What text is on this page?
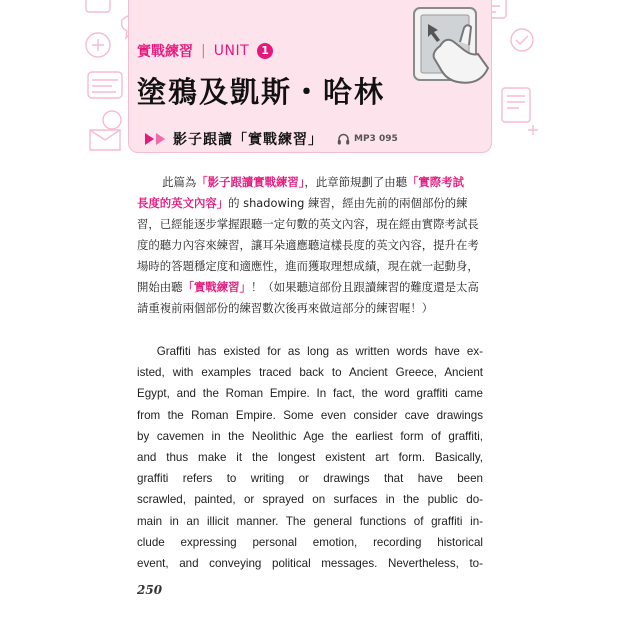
實戰練習 | UNIT	1
塗鴉及凱斯・哈林
影子跟讀「實戰練習」	MP3 095
此篇為「影子跟讀實戰練習」，此章節規劃了由聽「實際考試
長度的英文內容」的 shadowing 練習，經由先前的兩個部份的練
習，已經能逐步掌握跟聽一定句數的英文內容，現在經由實際考試長
度的聽力內容來練習，讓耳朵適應聽這樣長度的英文內容，提升在考
場時的答題穩定度和適應性，進而獲取理想成績，現在就一起動身，
開始由聽「實戰練習」！（如果聽這部份且跟讀練習的難度還是太高
請重複前兩個部份的練習數次後再來做這部分的練習喔！）
Graffiti has existed for as long as written words have ex-
isted, with examples traced back to Ancient Greece, Ancient
Egypt, and the Roman Empire. In fact, the word graffiti came
from the Roman Empire. Some even consider cave drawings
by cavemen in the Neolithic Age the earliest form of graffiti,
and thus make it the longest existent art form. Basically,
graffiti refers to writing or drawings that have been
scrawled, painted, or sprayed on surfaces in the public do-
main in an illicit manner. The general functions of graffiti in-
clude expressing personal emotion, recording historical
event, and conveying political messages. Nevertheless, to-
250
